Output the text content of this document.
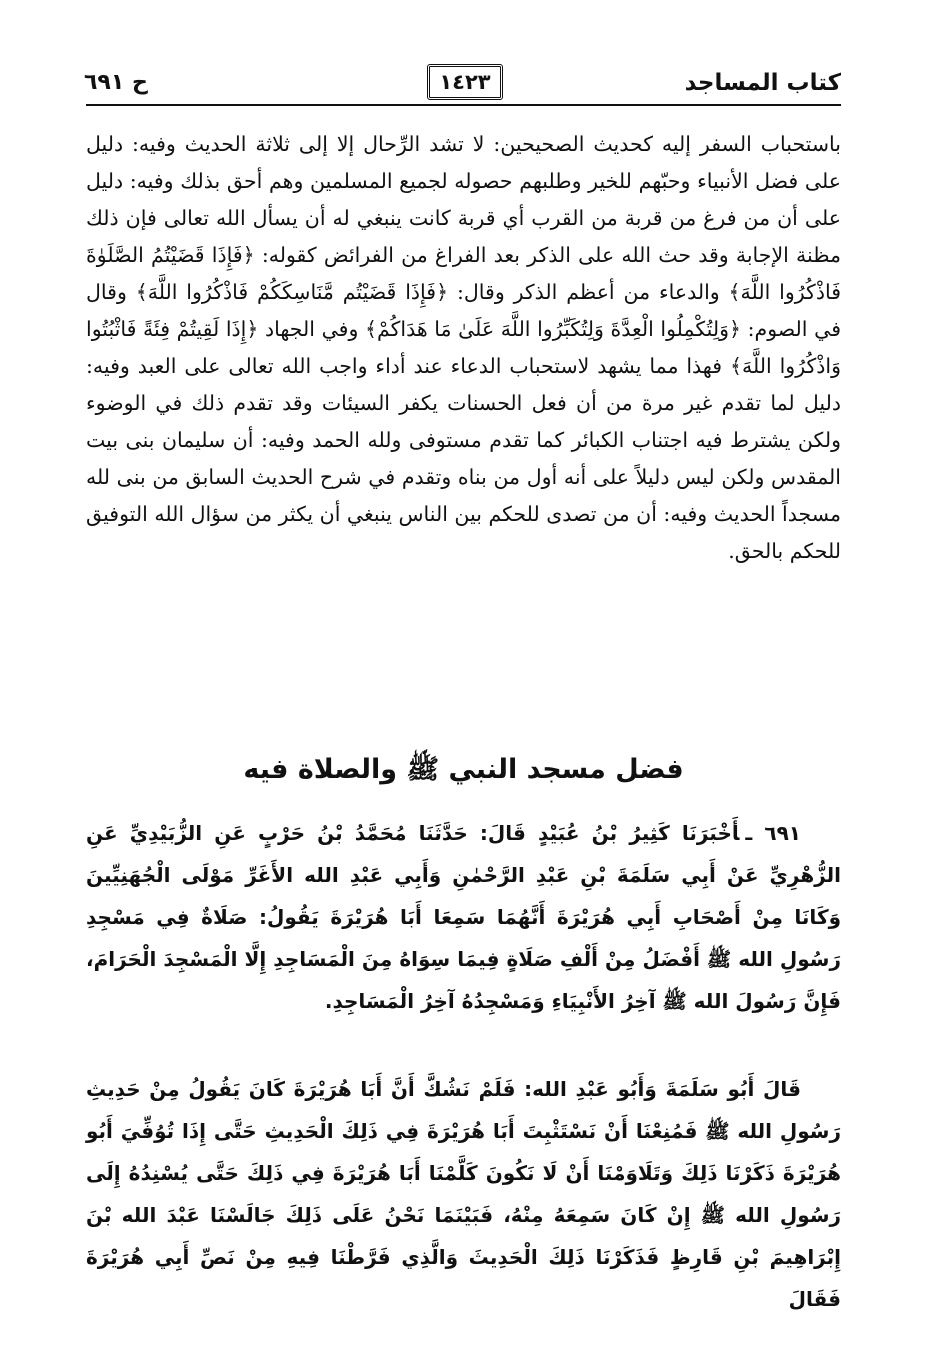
كتاب المساجد
١٤٢٣
ح ٦٩١

باستحباب السفر إليه كحديث الصحيحين: لا تشد الرِّحال إلا إلى ثلاثة الحديث وفيه: دليل على فضل الأنبياء وحبّهم للخير وطلبهم حصوله لجميع المسلمين وهم أحق بذلك وفيه: دليل على أن من فرغ من قربة من القرب أي قربة كانت ينبغي له أن يسأل الله تعالى فإن ذلك مظنة الإجابة وقد حث الله على الذكر بعد الفراغ من الفرائض كقوله: ﴿فَإِذَا قَضَيْتُمُ الصَّلَوٰةَ فَاذْكُرُوا اللَّهَ﴾ والدعاء من أعظم الذكر وقال: ﴿فَإِذَا قَضَيْتُم مَّنَاسِكَكُمْ فَاذْكُرُوا اللَّهَ﴾ وقال في الصوم: ﴿وَلِتُكْمِلُوا الْعِدَّةَ وَلِتُكَبِّرُوا اللَّهَ عَلَىٰ مَا هَدَاكُمْ﴾ وفي الجهاد ﴿إِذَا لَقِيتُمْ فِئَةً فَاثْبُتُوا وَاذْكُرُوا اللَّهَ﴾ فهذا مما يشهد لاستحباب الدعاء عند أداء واجب الله تعالى على العبد وفيه: دليل لما تقدم غير مرة من أن فعل الحسنات يكفر السيئات وقد تقدم ذلك في الوضوء ولكن يشترط فيه اجتناب الكبائر كما تقدم مستوفى ولله الحمد وفيه: أن سليمان بنى بيت المقدس ولكن ليس دليلاً على أنه أول من بناه وتقدم في شرح الحديث السابق من بنى لله مسجداً الحديث وفيه: أن من تصدى للحكم بين الناس ينبغي أن يكثر من سؤال الله التوفيق للحكم بالحق.

فضل مسجد النبي ﷺ والصلاة فيه

٦٩١ ـأَخْبَرَنَا كَثِيرُ بْنُ عُبَيْدٍ قَالَ: حَدَّثَنَا مُحَمَّدُ بْنُ حَرْبٍ عَنِ الزُّبَيْدِيِّ عَنِ الزُّهْرِيِّ عَنْ أَبِي سَلَمَةَ بْنِ عَبْدِ الرَّحْمٰنِ وَأَبِي عَبْدِ الله الأَغَرِّ مَوْلَى الْجُهَنِيِّينَ وَكَانَا مِنْ أَصْحَابِ أَبِي هُرَيْرَةَ أَنَّهُمَا سَمِعَا أَبَا هُرَيْرَةَ يَقُولُ: صَلَاةٌ فِي مَسْجِدِ رَسُولِ الله ﷺ أَفْضَلُ مِنْ أَلْفِ صَلَاةٍ فِيمَا سِوَاهُ مِنَ الْمَسَاجِدِ إِلَّا الْمَسْجِدَ الْحَرَامَ، فَإِنَّ رَسُولَ الله ﷺ آخِرُ الأَنْبِيَاءِ وَمَسْجِدُهُ آخِرُ الْمَسَاجِدِ.

قَالَ أَبُو سَلَمَةَ وَأَبُو عَبْدِ الله: فَلَمْ نَشُكَّ أَنَّ أَبَا هُرَيْرَةَ كَانَ يَقُولُ مِنْ حَدِيثِ رَسُولِ الله ﷺ فَمُنِعْنَا أَنْ نَسْتَثْبِتَ أَبَا هُرَيْرَةَ فِي ذَلِكَ الْحَدِيثِ حَتَّى إِذَا تُوُفِّيَ أَبُو هُرَيْرَةَ ذَكَرْنَا ذَلِكَ وَتَلَاوَمْنَا أَنْ لَا نَكُونَ كَلَّمْنَا أَبَا هُرَيْرَةَ فِي ذَلِكَ حَتَّى يُسْنِدُهُ إِلَى رَسُولِ الله ﷺ إِنْ كَانَ سَمِعَهُ مِنْهُ، فَبَيْنَمَا نَحْنُ عَلَى ذَلِكَ جَالَسْنَا عَبْدَ الله بْنَ إِبْرَاهِيمَ بْنِ قَارِظٍ فَذَكَرْنَا ذَلِكَ الْحَدِيثَ وَالَّذِي فَرَّطْنَا فِيهِ مِنْ نَصِّ أَبِي هُرَيْرَةَ فَقَالَ
